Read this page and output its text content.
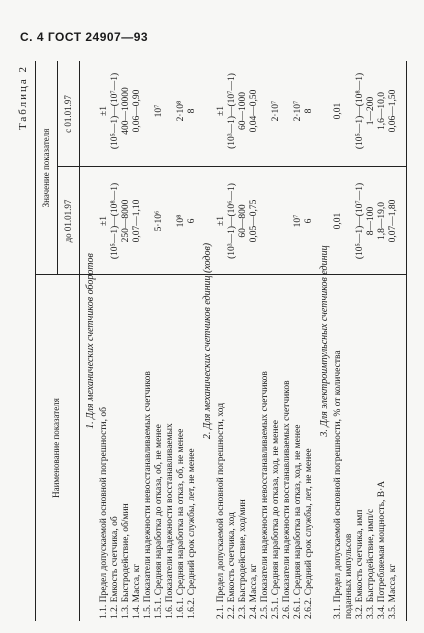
С. 4 ГОСТ 24907—93
Таблица 2
Наименование показателя
Значение показателя
до 01.01.97
с 01.01.97
1. Для механических счетчиков оборотов
1.1. Предел допускаемой основной погрешности, об
±1
±1
1.2. Емкость счетчика, об
(10⁵—1)—(10⁸—1)
(10⁵—1)—(10⁷—1)
1.3. Быстродействие, об/мин
250—8000
400—10000
1.4. Масса, кг
0,07—1,10
0,06—0,90
1.5. Показатели надежности невосстанавливаемых счетчиков 1.5.1. Средняя наработка до отказа, об, не менее
5·10⁶
10⁷
1.6. Показатели надежности восстанавливаемых 1.6.1. Средняя наработка на отказ, об, не менее
10⁸
2·10⁸
1.6.2. Средний срок службы, лет, не менее
6
8
2. Для механических счетчиков единиц (ходов)
2.1. Предел допускаемой основной погрешности, ход
±1
±1
2.2. Емкость счетчика, ход
(10³—1)—(10⁶—1)
(10³—1)—(10⁷—1)
2.3. Быстродействие, ход/мин
60—800
60—1000
2.4. Масса, кг
0,05—0,75
0,04—0,50
2.5. Показатели надежности невосстанавливаемых счетчиков 2.5.1. Средняя наработка до отказа, ход, не менее
2·10⁷
2.6. Показатели надежности восстанавливаемых счетчиков 2.6.1. Средняя наработка на отказ, ход, не менее
10⁷
2·10⁷
2.6.2. Средний срок службы, лет, не менее
6
8
3. Для электроимпульсных счетчиков единиц
3.1. Предел допускаемой основной погрешности, % от количества поданных импульсов
0,01
0,01
3.2. Емкость счетчика, имп
(10⁵—1)—(10⁷—1)
(10⁵—1)—(10⁸—1)
3.3. Быстродействие, имп/с
8—100
1—200
3.4. Потребляемая мощность, В·А
1,8—19,0
1,6—10,0
3.5. Масса, кг
0,07—1,80
0,06—1,50
